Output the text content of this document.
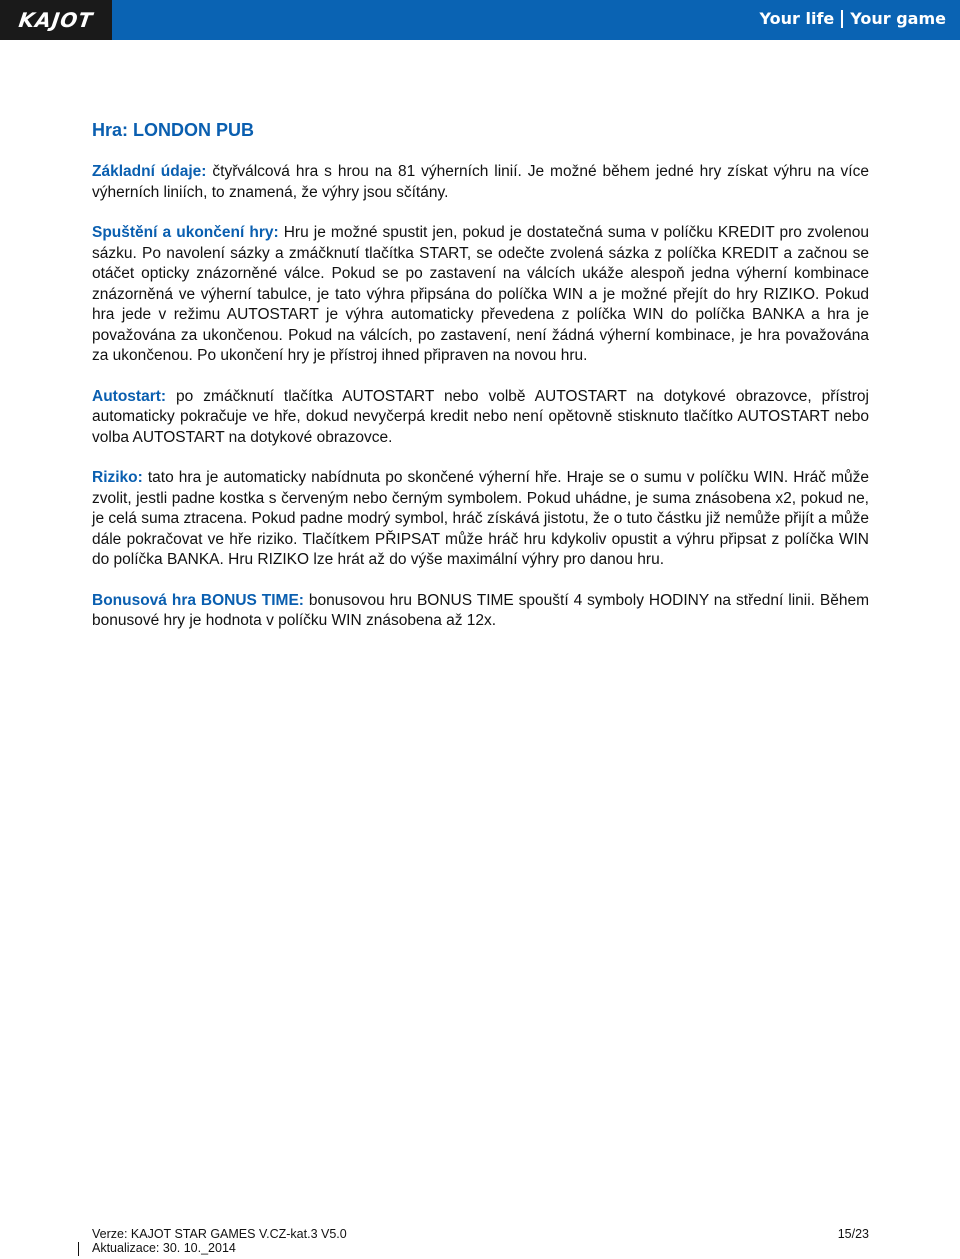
KAJOT	Your life Your game
Hra: LONDON PUB

Základní údaje: čtyřválcová hra s hrou na 81 výherních linií. Je možné během jedné hry získat výhru na více výherních liniích, to znamená, že výhry jsou sčítány.

Spuštění a ukončení hry: Hru je možné spustit jen, pokud je dostatečná suma v políčku KREDIT pro zvolenou sázku. Po navolení sázky a zmáčknutí tlačítka START, se odečte zvolená sázka z políčka KREDIT a začnou se otáčet opticky znázorněné válce. Pokud se po zastavení na válcích ukáže alespoň jedna výherní kombinace znázorněná ve výherní tabulce, je tato výhra připsána do políčka WIN a je možné přejít do hry RIZIKO. Pokud hra jede v režimu AUTOSTART je výhra automaticky převedena z políčka WIN do políčka BANKA a hra je považována za ukončenou. Pokud na válcích, po zastavení, není žádná výherní kombinace, je hra považována za ukončenou. Po ukončení hry je přístroj ihned připraven na novou hru.

Autostart: po zmáčknutí tlačítka AUTOSTART nebo volbě AUTOSTART na dotykové obrazovce, přístroj automaticky pokračuje ve hře, dokud nevyčerpá kredit nebo není opětovně stisknuto tlačítko AUTOSTART nebo volba AUTOSTART na dotykové obrazovce.

Riziko: tato hra je automaticky nabídnuta po skončené výherní hře. Hraje se o sumu v políčku WIN. Hráč může zvolit, jestli padne kostka s červeným nebo černým symbolem. Pokud uhádne, je suma znásobena x2, pokud ne, je celá suma ztracena. Pokud padne modrý symbol, hráč získává jistotu, že o tuto částku již nemůže přijít a může dále pokračovat ve hře riziko. Tlačítkem PŘIPSAT může hráč hru kdykoliv opustit a výhru připsat z políčka WIN do políčka BANKA. Hru RIZIKO lze hrát až do výše maximální výhry pro danou hru.

Bonusová hra BONUS TIME: bonusovou hru BONUS TIME spouští 4 symboly HODINY na střední linii. Během bonusové hry je hodnota v políčku WIN znásobena až 12x.

Verze: KAJOT STAR GAMES V.CZ-kat.3 V5.0	15/23
Aktualizace: 30. 10._2014
